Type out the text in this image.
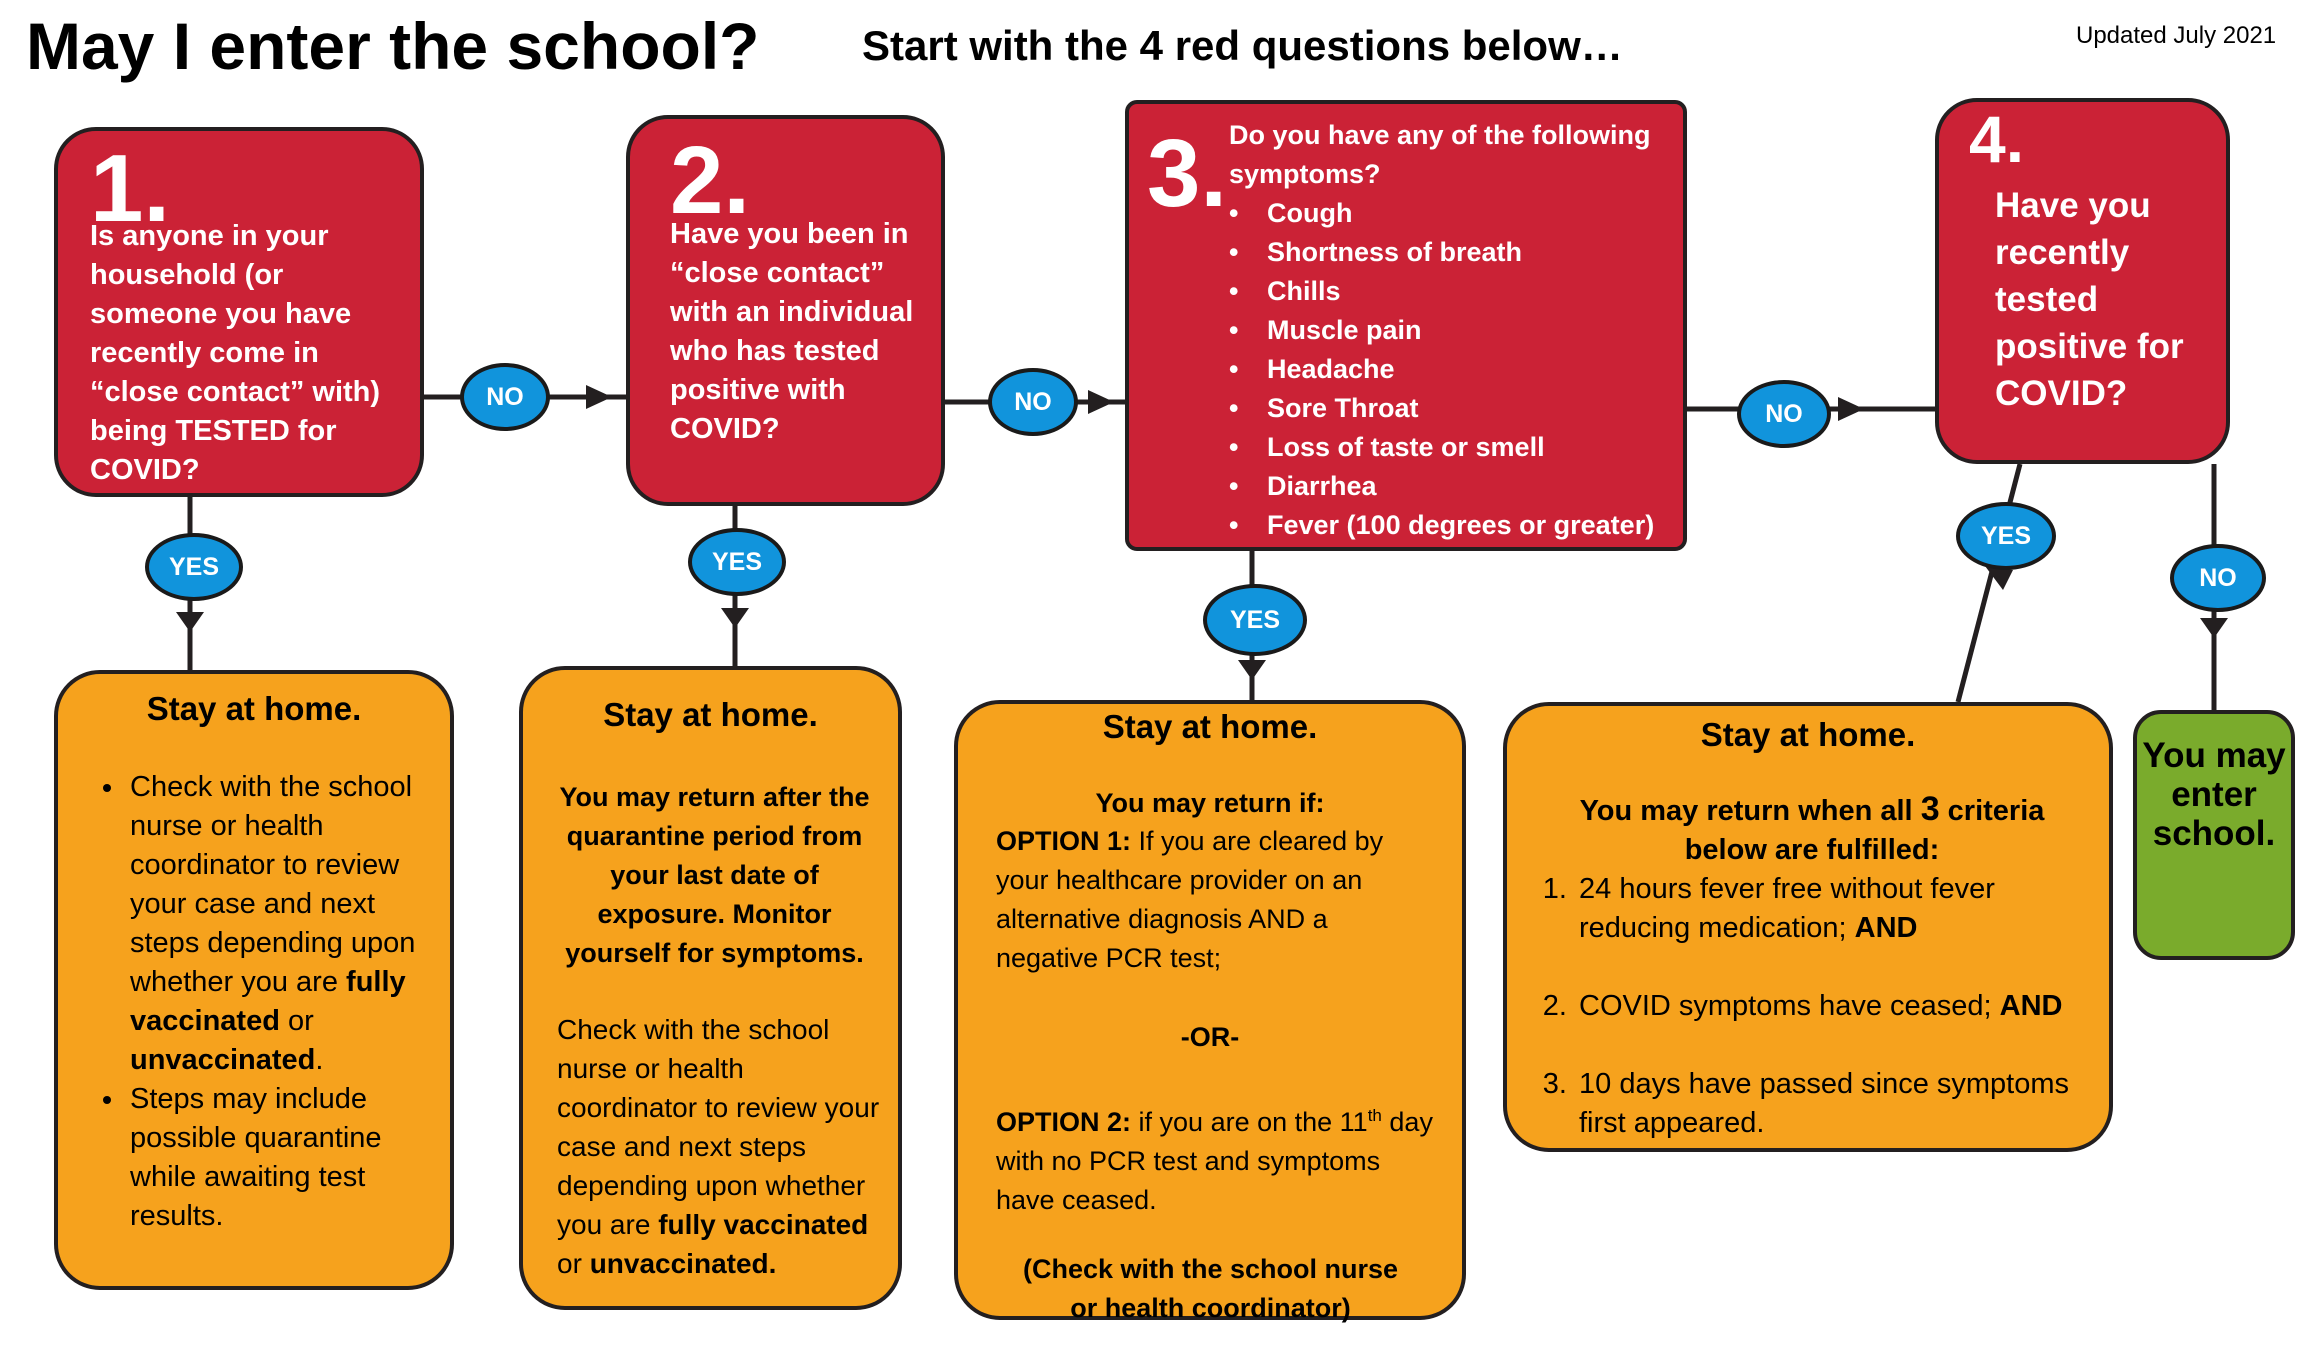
May I enter the school? Start with the 4 red questions below…	Updated July 2021
1.
Is anyone in your household (or someone you have recently come in “close contact” with) being TESTED for COVID?
2.
Have you been in “close contact” with an individual who has tested positive with COVID?
3. Do you have any of the following symptoms?
• Cough
• Shortness of breath
• Chills
• Muscle pain
• Headache
• Sore Throat
• Loss of taste or smell
• Diarrhea
• Fever (100 degrees or greater)
4.
Have you recently tested positive for COVID?
NO	NO	NO
NO
YES	YES
YES
YES
Stay at home.
• Check with the school nurse or health coordinator to review your case and next steps depending upon whether you are fully vaccinated or unvaccinated.
• Steps may include possible quarantine while awaiting test results.
Stay at home.
You may return after the quarantine period from your last date of exposure. Monitor yourself for symptoms.
Check with the school nurse or health coordinator to review your case and next steps depending upon whether you are fully vaccinated or unvaccinated.
Stay at home.
You may return if:
OPTION 1: If you are cleared by your healthcare provider on an alternative diagnosis AND a negative PCR test;
-OR-
OPTION 2: if you are on the 11th day with no PCR test and symptoms have ceased.
(Check with the school nurse or health coordinator)
Stay at home.
You may return when all 3 criteria below are fulfilled:
1. 24 hours fever free without fever reducing medication; AND
2. COVID symptoms have ceased; AND
3. 10 days have passed since symptoms first appeared.
You may enter school.
